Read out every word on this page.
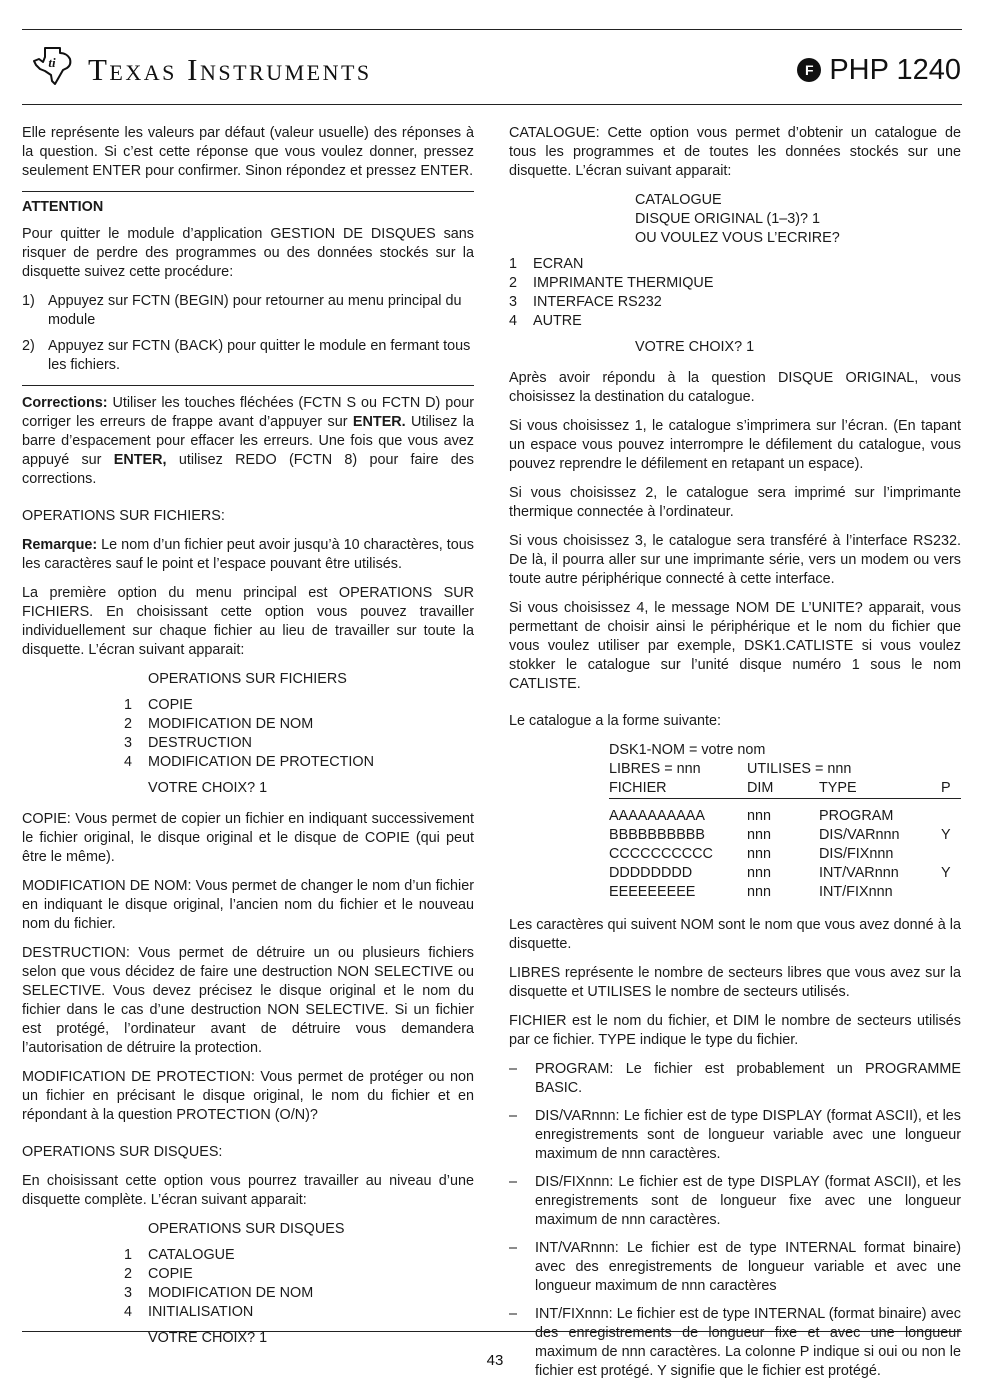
ti Texas Instruments	F PHP 1240

Elle représente les valeurs par défaut (valeur usuelle) des réponses à la question. Si c’est cette réponse que vous voulez donner, pressez seulement ENTER pour confirmer. Sinon répondez et pressez ENTER.

ATTENTION

Pour quitter le module d’application GESTION DE DISQUES sans risquer de perdre des programmes ou des données stockés sur la disquette suivez cette procédure:

1) Appuyez sur FCTN (BEGIN) pour retourner au menu principal du module
2) Appuyez sur FCTN (BACK) pour quitter le module en fermant tous les fichiers.

Corrections: Utiliser les touches fléchées (FCTN S ou FCTN D) pour corriger les erreurs de frappe avant d’appuyer sur ENTER. Utilisez la barre d’espacement pour effacer les erreurs. Une fois que vous avez appuyé sur ENTER, utilisez REDO (FCTN 8) pour faire des corrections.

OPERATIONS SUR FICHIERS:

Remarque: Le nom d’un fichier peut avoir jusqu’à 10 charactères, tous les caractères sauf le point et l’espace pouvant être utilisés.

La première option du menu principal est OPERATIONS SUR FICHIERS. En choisissant cette option vous pouvez travailler individuellement sur chaque fichier au lieu de travailler sur toute la disquette. L’écran suivant apparait:

OPERATIONS SUR FICHIERS
1	COPIE
2	MODIFICATION DE NOM
3	DESTRUCTION
4	MODIFICATION DE PROTECTION
VOTRE CHOIX? 1

COPIE: Vous permet de copier un fichier en indiquant successivement le fichier original, le disque original et le disque de COPIE (qui peut être le même).

MODIFICATION DE NOM: Vous permet de changer le nom d’un fichier en indiquant le disque original, l’ancien nom du fichier et le nouveau nom du fichier.

DESTRUCTION: Vous permet de détruire un ou plusieurs fichiers selon que vous décidez de faire une destruction NON SELECTIVE ou SELECTIVE. Vous devez précisez le disque original et le nom du fichier dans le cas d’une destruction NON SELECTIVE. Si un fichier est protégé, l’ordinateur avant de détruire vous demandera l’autorisation de détruire la protection.

MODIFICATION DE PROTECTION: Vous permet de protéger ou non un fichier en précisant le disque original, le nom du fichier et en répondant à la question PROTECTION (O/N)?

OPERATIONS SUR DISQUES:

En choisissant cette option vous pourrez travailler au niveau d’une disquette complète. L’écran suivant apparait:

OPERATIONS SUR DISQUES
1	CATALOGUE
2	COPIE
3	MODIFICATION DE NOM
4	INITIALISATION
VOTRE CHOIX? 1

CATALOGUE: Cette option vous permet d’obtenir un catalogue de tous les programmes et de toutes les données stockés sur une disquette. L’écran suivant apparait:

CATALOGUE
DISQUE ORIGINAL (1–3)? 1
OU VOULEZ VOUS L’ECRIRE?
1	ECRAN
2	IMPRIMANTE THERMIQUE
3	INTERFACE RS232
4	AUTRE
VOTRE CHOIX? 1

Après avoir répondu à la question DISQUE ORIGINAL, vous choisissez la destination du catalogue.

Si vous choisissez 1, le catalogue s’imprimera sur l’écran. (En tapant un espace vous pouvez interrompre le défilement du catalogue, vous pouvez reprendre le défilement en retapant un espace).

Si vous choisissez 2, le catalogue sera imprimé sur l’imprimante thermique connectée à l’ordinateur.

Si vous choisissez 3, le catalogue sera transféré à l’interface RS232. De là, il pourra aller sur une imprimante série, vers un modem ou vers toute autre périphérique connecté à cette interface.

Si vous choisissez 4, le message NOM DE L’UNITE? apparait, vous permettant de choisir ainsi le périphérique et le nom du fichier que vous voulez utiliser par exemple, DSK1.CATLISTE si vous voulez stokker le catalogue sur l’unité disque numéro 1 sous le nom CATLISTE.

Le catalogue a la forme suivante:

DSK1-NOM = votre nom
LIBRES = nnn	UTILISES = nnn
FICHIER	DIM	TYPE	P
AAAAAAAAAA	nnn	PROGRAM
BBBBBBBBBB	nnn	DIS/VARnnn	Y
CCCCCCCCCC	nnn	DIS/FIXnnn
DDDDDDDD	nnn	INT/VARnnn	Y
EEEEEEEEE	nnn	INT/FIXnnn

Les caractères qui suivent NOM sont le nom que vous avez donné à la disquette.

LIBRES représente le nombre de secteurs libres que vous avez sur la disquette et UTILISES le nombre de secteurs utilisés.

FICHIER est le nom du fichier, et DIM le nombre de secteurs utilisés par ce fichier. TYPE indique le type du fichier.

–	PROGRAM: Le fichier est probablement un PROGRAMME BASIC.
–	DIS/VARnnn: Le fichier est de type DISPLAY (format ASCII), et les enregistrements sont de longueur variable avec une longueur maximum de nnn caractères.
–	DIS/FIXnnn: Le fichier est de type DISPLAY (format ASCII), et les enregistrements sont de longueur fixe avec une longueur maximum de nnn caractères.
–	INT/VARnnn: Le fichier est de type INTERNAL format binaire) avec des enregistrements de longueur variable et avec une longueur maximum de nnn caractères
–	INT/FIXnnn: Le fichier est de type INTERNAL (format binaire) avec des enregistrements de longueur fixe et avec une longueur maximum de nnn caractères. La colonne P indique si oui ou non le fichier est protégé. Y signifie que le fichier est protégé.
43
